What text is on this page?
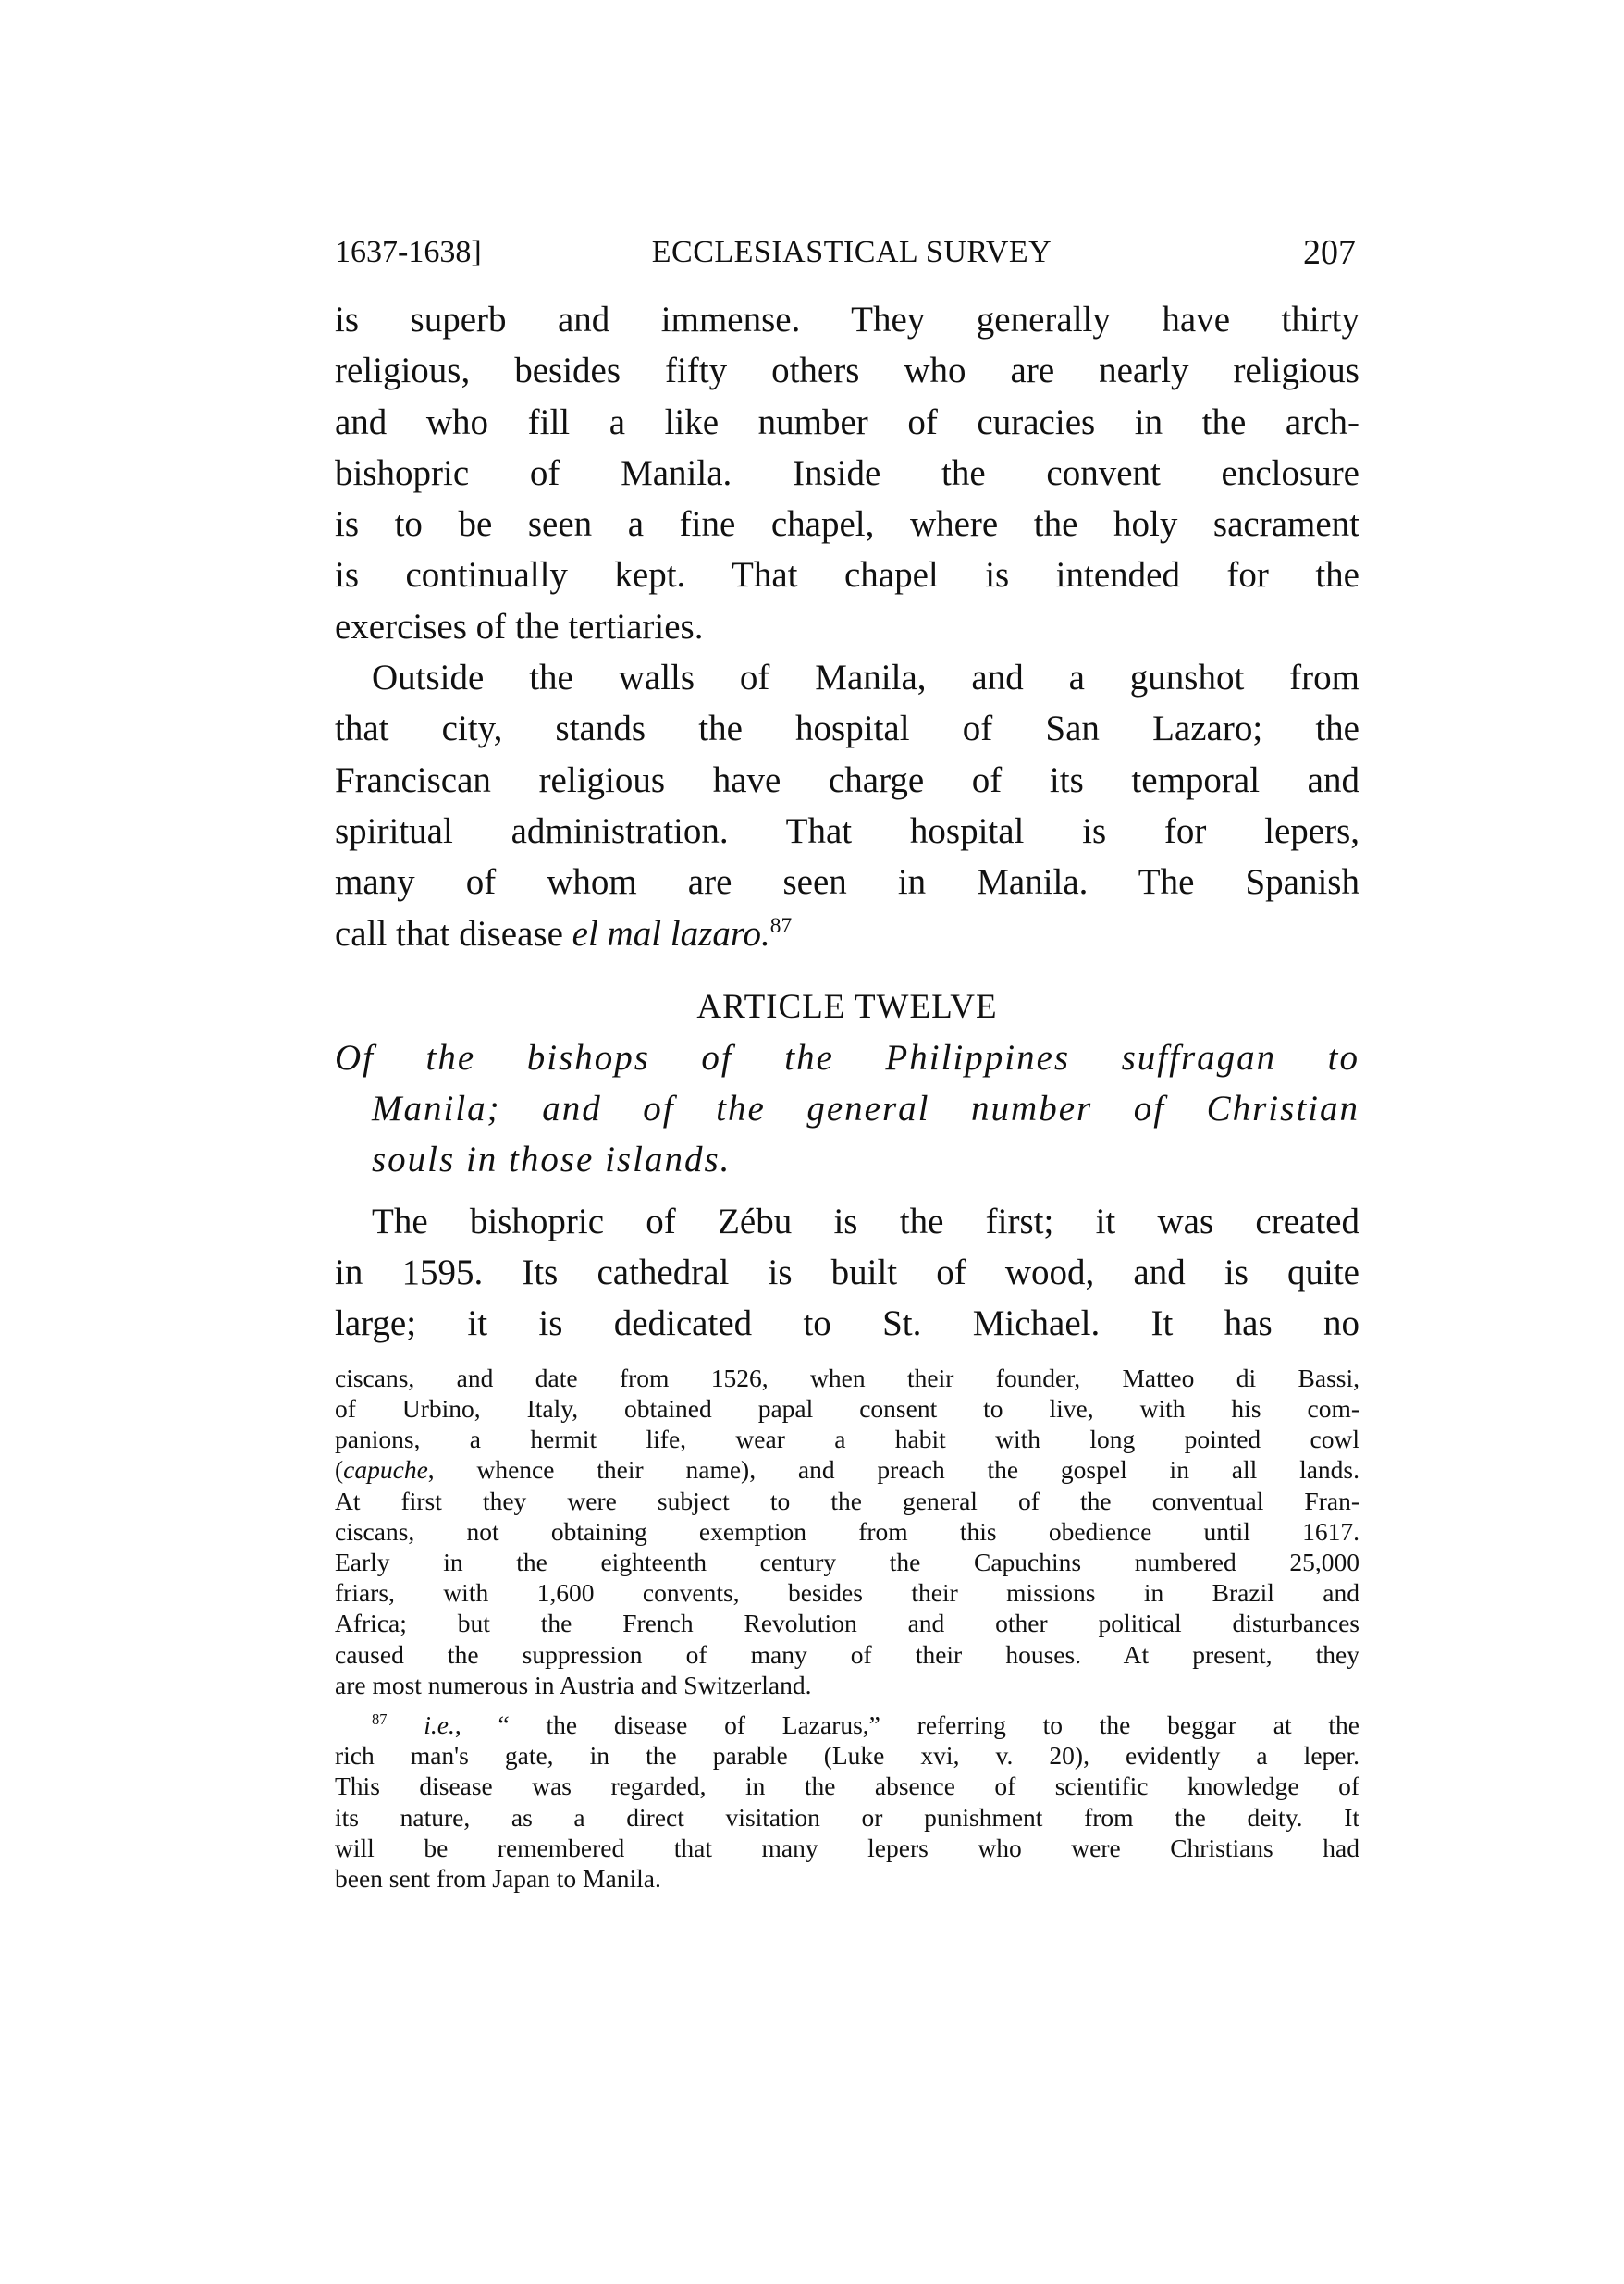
1637-1638]	ECCLESIASTICAL SURVEY	207
is superb and immense. They generally have thirty
religious, besides fifty others who are nearly religious
and who fill a like number of curacies in the arch-
bishopric of Manila. Inside the convent enclosure
is to be seen a fine chapel, where the holy sacrament
is continually kept. That chapel is intended for the
exercises of the tertiaries.
Outside the walls of Manila, and a gunshot from
that city, stands the hospital of San Lazaro; the
Franciscan religious have charge of its temporal and
spiritual administration. That hospital is for lepers,
many of whom are seen in Manila. The Spanish
call that disease el mal lazaro.$^{87}$
ARTICLE TWELVE
Of the bishops of the Philippines suffragan to
Manila; and of the general number of Christian
souls in those islands.
The bishopric of Zébu is the first; it was created
in 1595. Its cathedral is built of wood, and is quite
large; it is dedicated to St. Michael. It has no
ciscans, and date from 1526, when their founder, Matteo di Bassi,
of Urbino, Italy, obtained papal consent to live, with his com-
panions, a hermit life, wear a habit with long pointed cowl
(capuche, whence their name), and preach the gospel in all lands.
At first they were subject to the general of the conventual Fran-
ciscans, not obtaining exemption from this obedience until 1617.
Early in the eighteenth century the Capuchins numbered 25,000
friars, with 1,600 convents, besides their missions in Brazil and
Africa; but the French Revolution and other political disturbances
caused the suppression of many of their houses. At present, they
are most numerous in Austria and Switzerland.
$^{87}$ i.e., “ the disease of Lazarus,” referring to the beggar at the
rich man's gate, in the parable (Luke xvi, v. 20), evidently a leper.
This disease was regarded, in the absence of scientific knowledge of
its nature, as a direct visitation or punishment from the deity. It
will be remembered that many lepers who were Christians had
been sent from Japan to Manila.
